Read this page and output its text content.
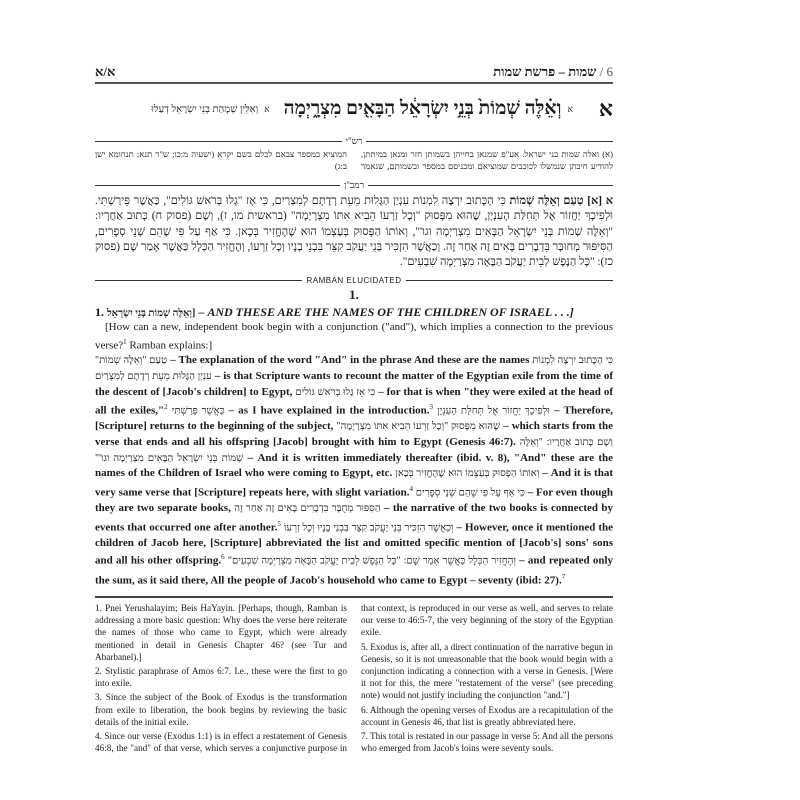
א/א	6 / שמות – פרשת שמות
א
א
וְאֵ֗לֶּה שְׁמוֹת֙ בְּנֵ֣י יִשְׂרָאֵ֔ל הַבָּאִ֖ים מִצְרָ֑יְמָה
א
וְאִלֵּין שְׁמָהַת בְּנֵי יִשְׂרָאֵל דְעַלוּ
רש"י
(א) ואלה שמות בני ישראל. אע"פ שמנאן בחייהן בשמותן חזר ומנאן במיתתן, להודיע חיבתן שנמשלו לכוכבים שמוציאם ומכניסם במספר ובשמותם, שנאמר המוציא במספר צבאם לכלם בשם יקרא (ישעיה מ:כו; ש"ר תנא; תנחומא ישן ב:ג)
רמב"ן
א [א] טַעַם וְאֵלֶּה שְׁמוֹת כִּי הַכָּתוּב יִרְצֶה לִמְנוֹת עִנְיַן הַגָּלוּת מֵעֵת רְדֶתָם לְמִצְרַיִם, כִּי אָז "גָלוּ בְּרֹאשׁ גּוֹלִים", כַּאֲשֶׁר פֵּירַשְׁתִּי. וּלְפִיכָךְ יַחֲזוֹר אֶל תְּחִלַּת הָעִנְיָן, שֶׁהוּא מִפָּסוּק "וְכָל זַרְעוֹ הֵבִיא אִתּוֹ מִצְרָיְמָה" (בראשית מו, ז), וְשָׁם (פסוק ח) כָּתוּב אַחֲרָיו: "וְאֵלֶּה שְׁמוֹת בְּנֵי יִשְׂרָאֵל הַבָּאִים מִצְרַיְמָה וגו'", וְאוֹתוֹ הַפָּסוּק בְּעַצְמוֹ הוּא שֶׁהֶחֱזִיר בְּכָאן. כִּי אַף עַל פִּי שֶׁהֵם שְׁנֵי סְפָרִים, הַסִּיפּוּר מְחוּבָּר בִּדְבָרִים בָּאִים זֶה אַחַר זֶה. וְכַאֲשֶׁר הִזְכִּיר בְּנֵי יַעֲקֹב קִצֵּר בִּבְנֵי בָנָיו וְכָל זַרְעוֹ, וְהֶחֱזִיר הַכְּלָל כַּאֲשֶׁר אָמַר שָׁם (פסוק כז): "כָּל הַנֶּפֶשׁ לְבֵית יַעֲקֹב הַבָּאָה מִצְרַיְמָה שִׁבְעִים".
RAMBAN ELUCIDATED
1.
1. [וְאֵלֶּה שְׁמוֹת בְּנֵי יִשְׂרָאֵל – AND THESE ARE THE NAMES OF THE CHILDREN OF ISRAEL . . .]

[How can a new, independent book begin with a conjunction ("and"), which implies a connection to the previous verse?$^1$ Ramban explains:]

טַעַם "וְאֵלֶּה שְׁמוֹת" – The explanation of the word "And" in the phrase And these are the names כִּי הַכָּתוּב יִרְצֶה לִמְנוֹת עִנְיַן הַגָּלוּת מֵעֵת רְדֶתָם לְמִצְרַיִם – is that Scripture wants to recount the matter of the Egyptian exile from the time of the descent of [Jacob's children] to Egypt, כִּי אָז גָּלוּ בְּרֹאשׁ גּוֹלִים – for that is when "they were exiled at the head of all the exiles,"$^2$ כַּאֲשֶׁר פֵּרַשְׁתִּי – as I have explained in the introduction.$^3$ וּלְפִיכָךְ יַחֲזוֹר אֶל תְּחִלַּת הָעִנְיָן – Therefore, [Scripture] returns to the beginning of the subject, שֶׁהוּא מִפָּסוּק "וְכָל זַרְעוֹ הֵבִיא אִתּוֹ מִצְרָיְמָה" – which starts from the verse that ends and all his offspring [Jacob] brought with him to Egypt (Genesis 46:7). וְשָׁם כָּתוּב אַחֲרָיו: "וְאֵלֶּה שְׁמוֹת בְּנֵי יִשְׂרָאֵל הַבָּאִים מִצְרַיְמָה וגו'" – And it is written immediately thereafter (ibid. v. 8), "And" these are the names of the Children of Israel who were coming to Egypt, etc. וְאוֹתוֹ הַפָּסוּק בְּעַצְמוֹ הוּא שֶׁהֶחֱזִיר בְּכָאן – And it is that very same verse that [Scripture] repeats here, with slight variation.$^4$ כִּי אַף עַל פִּי שֶׁהֵם שְׁנֵי סְפָרִים – For even though they are two separate books, הַסִּפּוּר מְחֻבָּר בִּדְבָרִים בָּאִים זֶה אַחַר זֶה – the narrative of the two books is connected by events that occurred one after another.$^5$ וְכַאֲשֶׁר הִזְכִּיר בְּנֵי יַעֲקֹב קִצֵּר בִּבְנֵי בָנָיו וְכָל זַרְעוֹ – However, once it mentioned the children of Jacob here, [Scripture] abbreviated the list and omitted specific mention of [Jacob's] sons' sons and all his other offspring.$^6$ וְהֶחֱזִיר הַכְּלָל כַּאֲשֶׁר אָמַר שָׁם: "כָּל הַנֶּפֶשׁ לְבֵית יַעֲקֹב הַבָּאָה מִצְרַיְמָה שִׁבְעִים" – and repeated only the sum, as it said there, All the people of Jacob's household who came to Egypt – seventy (ibid: 27).$^7$

1. Pnei Yerushalayim; Beis HaYayin. [Perhaps, though, Ramban is addressing a more basic question: Why does the verse here reiterate the names of those who came to Egypt, which were already mentioned in detail in Genesis Chapter 46? (see Tur and Abarbanel).]

2. Stylistic paraphrase of Amos 6:7. I.e., these were the first to go into exile.

3. Since the subject of the Book of Exodus is the transformation from exile to liberation, the book begins by reviewing the basic details of the initial exile.

4. Since our verse (Exodus 1:1) is in effect a restatement of Genesis 46:8, the "and" of that verse, which serves a conjunctive purpose in that context, is reproduced in our verse as well, and serves to relate our verse to 46:5-7, the very beginning of the story of the Egyptian exile.

5. Exodus is, after all, a direct continuation of the narrative begun in Genesis, so it is not unreasonable that the book would begin with a conjunction indicating a connection with a verse in Genesis. [Were it not for this, the mere "restatement of the verse" (see preceding note) would not justify including the conjunction "and."]

6. Although the opening verses of Exodus are a recapitulation of the account in Genesis 46, that list is greatly abbreviated here.

7. This total is restated in our passage in verse 5: And all the persons who emerged from Jacob's loins were seventy souls.
